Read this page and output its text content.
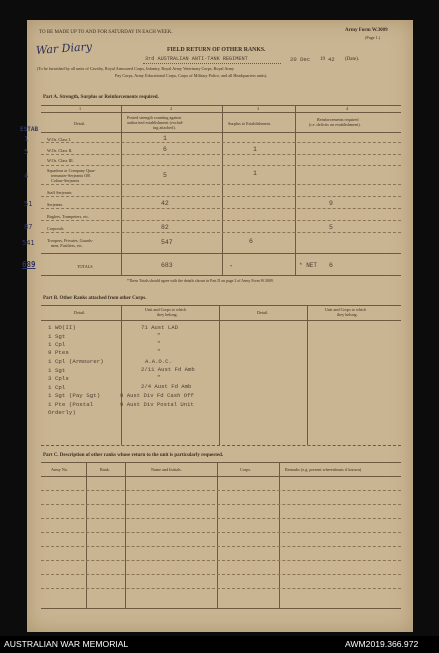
TO BE MADE UP TO AND FOR SATURDAY IN EACH WEEK.	Army Form W.3009
(Page 1.)
War Diary	FIELD RETURN OF OTHER RANKS.
3rd AUSTRALIAN ANTI-TANK REGIMENT	20 Dec 19 42 (Date).
(To be furnished by all units of Cavalry, Royal Armoured Corps, Infantry, Royal Army Veterinary Corps, Royal Army
Pay Corps, Army Educational Corps, Corps of Military Police, and all Headquarters units).
Part A. Strength, Surplus or Reinforcements required.
1	2	3	4
Detail.
Posted strength counting against
authorised establishment (exclud-
ing attached).
Surplus to Establishment.
Reinforcements required
(i.e. deficits on establishment).
ESTAB
1	W.Os. Class I.	1
5	W.Os. Class II.	6	1
W.Os. Class III.
4
Squadron or Company Quar-
termaster-Serjeants OR
Colour-Serjeants
5	1
Staff Serjeants
51	Serjeants	42	9
Buglers, Trumpeters, etc.
87	Corporals	82	5
541	Troopers, Privates, Guards-
men, Fusiliers, etc.	547	6
689	TOTALS	683	*	* NET 6
*These Totals should agree with the details shown in Part D on page 2 of Army Form W.3009.
Part B. Other Ranks attached from other Corps.
Detail.
Unit and Corps to which
they belong.	Detail.
Unit and Corps to which
they belong.
1 WO(II)	71 Aust LAD
1 Sgt	"
1 Cpl	"
9 Ptes	"
1 Cpl (Armourer)	A.A.O.C.
1 Sgt	2/11 Aust Fd Amb
3 Cpls	"
1 Cpl	2/4 Aust Fd Amb
1 Sgt (Pay Sgt)	9 Aust Div Fd Cash Off
1 Pte (Postal	9 Aust Div Postal Unit
Orderly)
Part C. Description of other ranks whose return to the unit is particularly requested.
Army No.	Rank.	Name and Initials.	Corps.	Remarks (e.g. present whereabouts if known)
AUSTRALIAN WAR MEMORIAL	AWM2019.366.972
